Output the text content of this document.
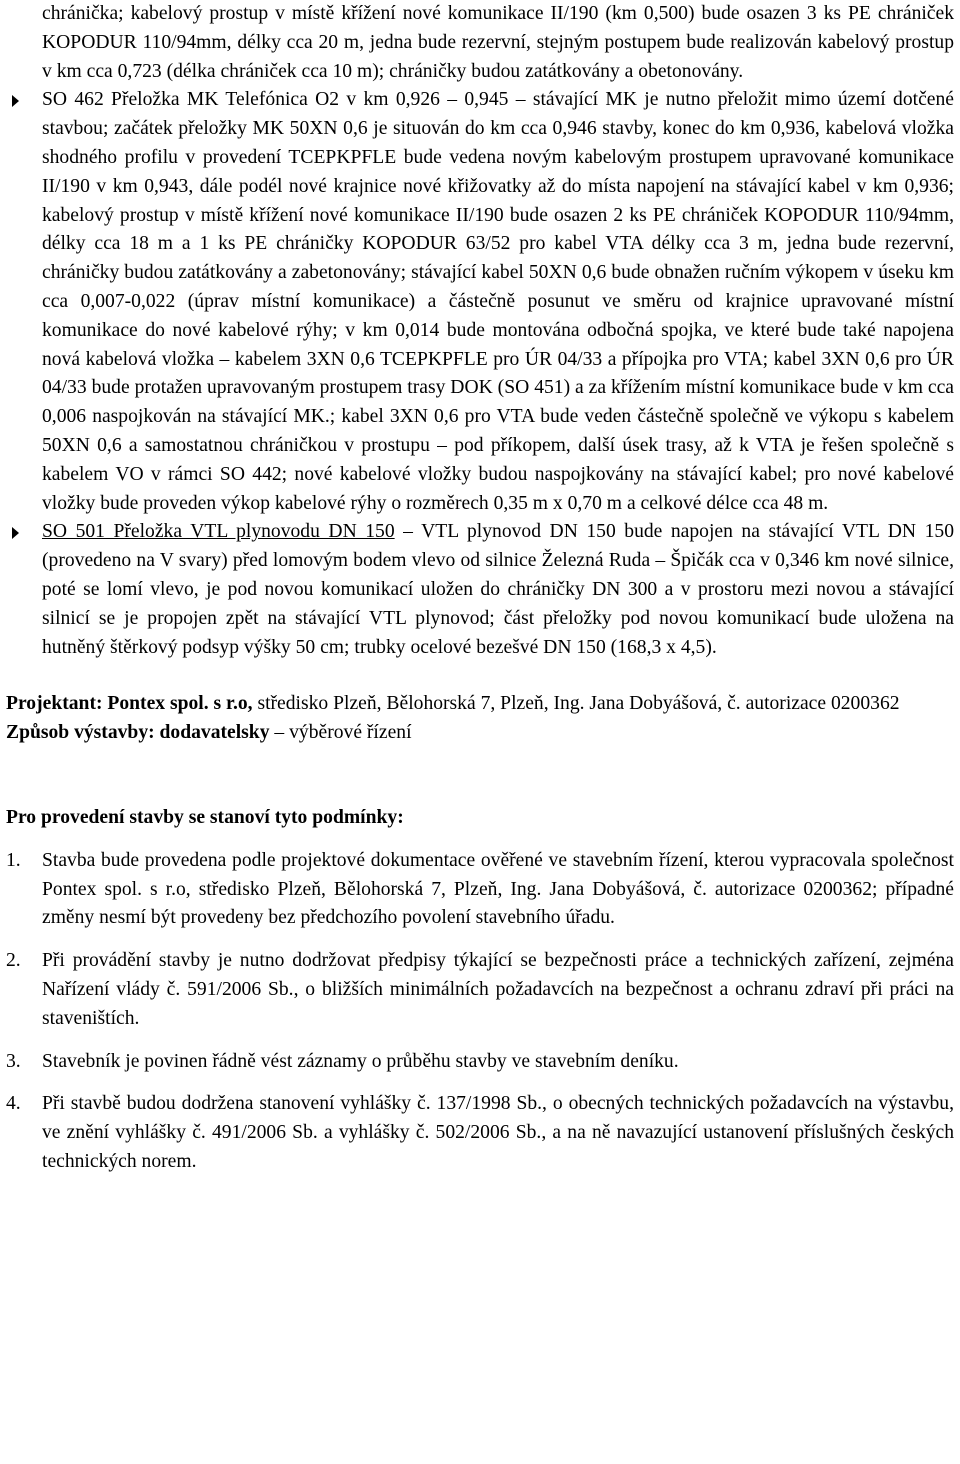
chránička; kabelový prostup v místě křížení nové komunikace II/190 (km 0,500) bude osazen 3 ks PE chrániček KOPODUR 110/94mm, délky cca 20 m, jedna bude rezervní, stejným postupem bude realizován kabelový prostup v km cca 0,723 (délka chrániček cca 10 m); chráničky budou zatátkovány a obetonovány.

SO 462 Přeložka MK Telefónica O2 v km 0,926 – 0,945 – stávající MK je nutno přeložit mimo území dotčené stavbou; začátek přeložky MK 50XN 0,6 je situován do km cca 0,946 stavby, konec do km 0,936, kabelová vložka shodného profilu v provedení TCEPKPFLE bude vedena novým kabelovým prostupem upravované komunikace II/190 v km 0,943, dále podél nové krajnice nové křižovatky až do místa napojení na stávající kabel v km 0,936; kabelový prostup v místě křížení nové komunikace II/190 bude osazen 2 ks PE chrániček KOPODUR 110/94mm, délky cca 18 m a 1 ks PE chráničky KOPODUR 63/52 pro kabel VTA délky cca 3 m, jedna bude rezervní, chráničky budou zatátkovány a zabetonovány; stávající kabel 50XN 0,6 bude obnažen ručním výkopem v úseku km cca 0,007-0,022 (úprav místní komunikace) a částečně posunut ve směru od krajnice upravované místní komunikace do nové kabelové rýhy; v km 0,014 bude montována odbočná spojka, ve které bude také napojena nová kabelová vložka – kabelem 3XN 0,6 TCEPKPFLE pro ÚR 04/33 a přípojka pro VTA; kabel 3XN 0,6 pro ÚR 04/33 bude protažen upravovaným prostupem trasy DOK (SO 451) a za křížením místní komunikace bude v km cca 0,006 naspojkován na stávající MK.; kabel 3XN 0,6 pro VTA bude veden částečně společně ve výkopu s kabelem 50XN 0,6 a samostatnou chráničkou v prostupu – pod příkopem, další úsek trasy, až k VTA je řešen společně s kabelem VO v rámci SO 442; nové kabelové vložky budou naspojkovány na stávající kabel; pro nové kabelové vložky bude proveden výkop kabelové rýhy o rozměrech 0,35 m x 0,70 m a celkové délce cca 48 m.

SO 501 Přeložka VTL plynovodu DN 150 – VTL plynovod DN 150 bude napojen na stávající VTL DN 150 (provedeno na V svary) před lomovým bodem vlevo od silnice Železná Ruda – Špičák cca v 0,346 km nové silnice, poté se lomí vlevo, je pod novou komunikací uložen do chráničky DN 300 a v prostoru mezi novou a stávající silnicí se je propojen zpět na stávající VTL plynovod; část přeložky pod novou komunikací bude uložena na hutněný štěrkový podsyp výšky 50 cm; trubky ocelové bezešvé DN 150 (168,3 x 4,5).

Projektant: Pontex spol. s r.o, středisko Plzeň, Bělohorská 7, Plzeň, Ing. Jana Dobyášová, č. autorizace 0200362

Způsob výstavby: dodavatelsky – výběrové řízení

Pro provedení stavby se stanoví tyto podmínky:

1. Stavba bude provedena podle projektové dokumentace ověřené ve stavebním řízení, kterou vypracovala společnost Pontex spol. s r.o, středisko Plzeň, Bělohorská 7, Plzeň, Ing. Jana Dobyášová, č. autorizace 0200362; případné změny nesmí být provedeny bez předchozího povolení stavebního úřadu.

2. Při provádění stavby je nutno dodržovat předpisy týkající se bezpečnosti práce a technických zařízení, zejména Nařízení vlády č. 591/2006 Sb., o bližších minimálních požadavcích na bezpečnost a ochranu zdraví při práci na staveništích.

3. Stavebník je povinen řádně vést záznamy o průběhu stavby ve stavebním deníku.

4. Při stavbě budou dodržena stanovení vyhlášky č. 137/1998 Sb., o obecných technických požadavcích na výstavbu, ve znění vyhlášky č. 491/2006 Sb. a vyhlášky č. 502/2006 Sb., a na ně navazující ustanovení příslušných českých technických norem.
